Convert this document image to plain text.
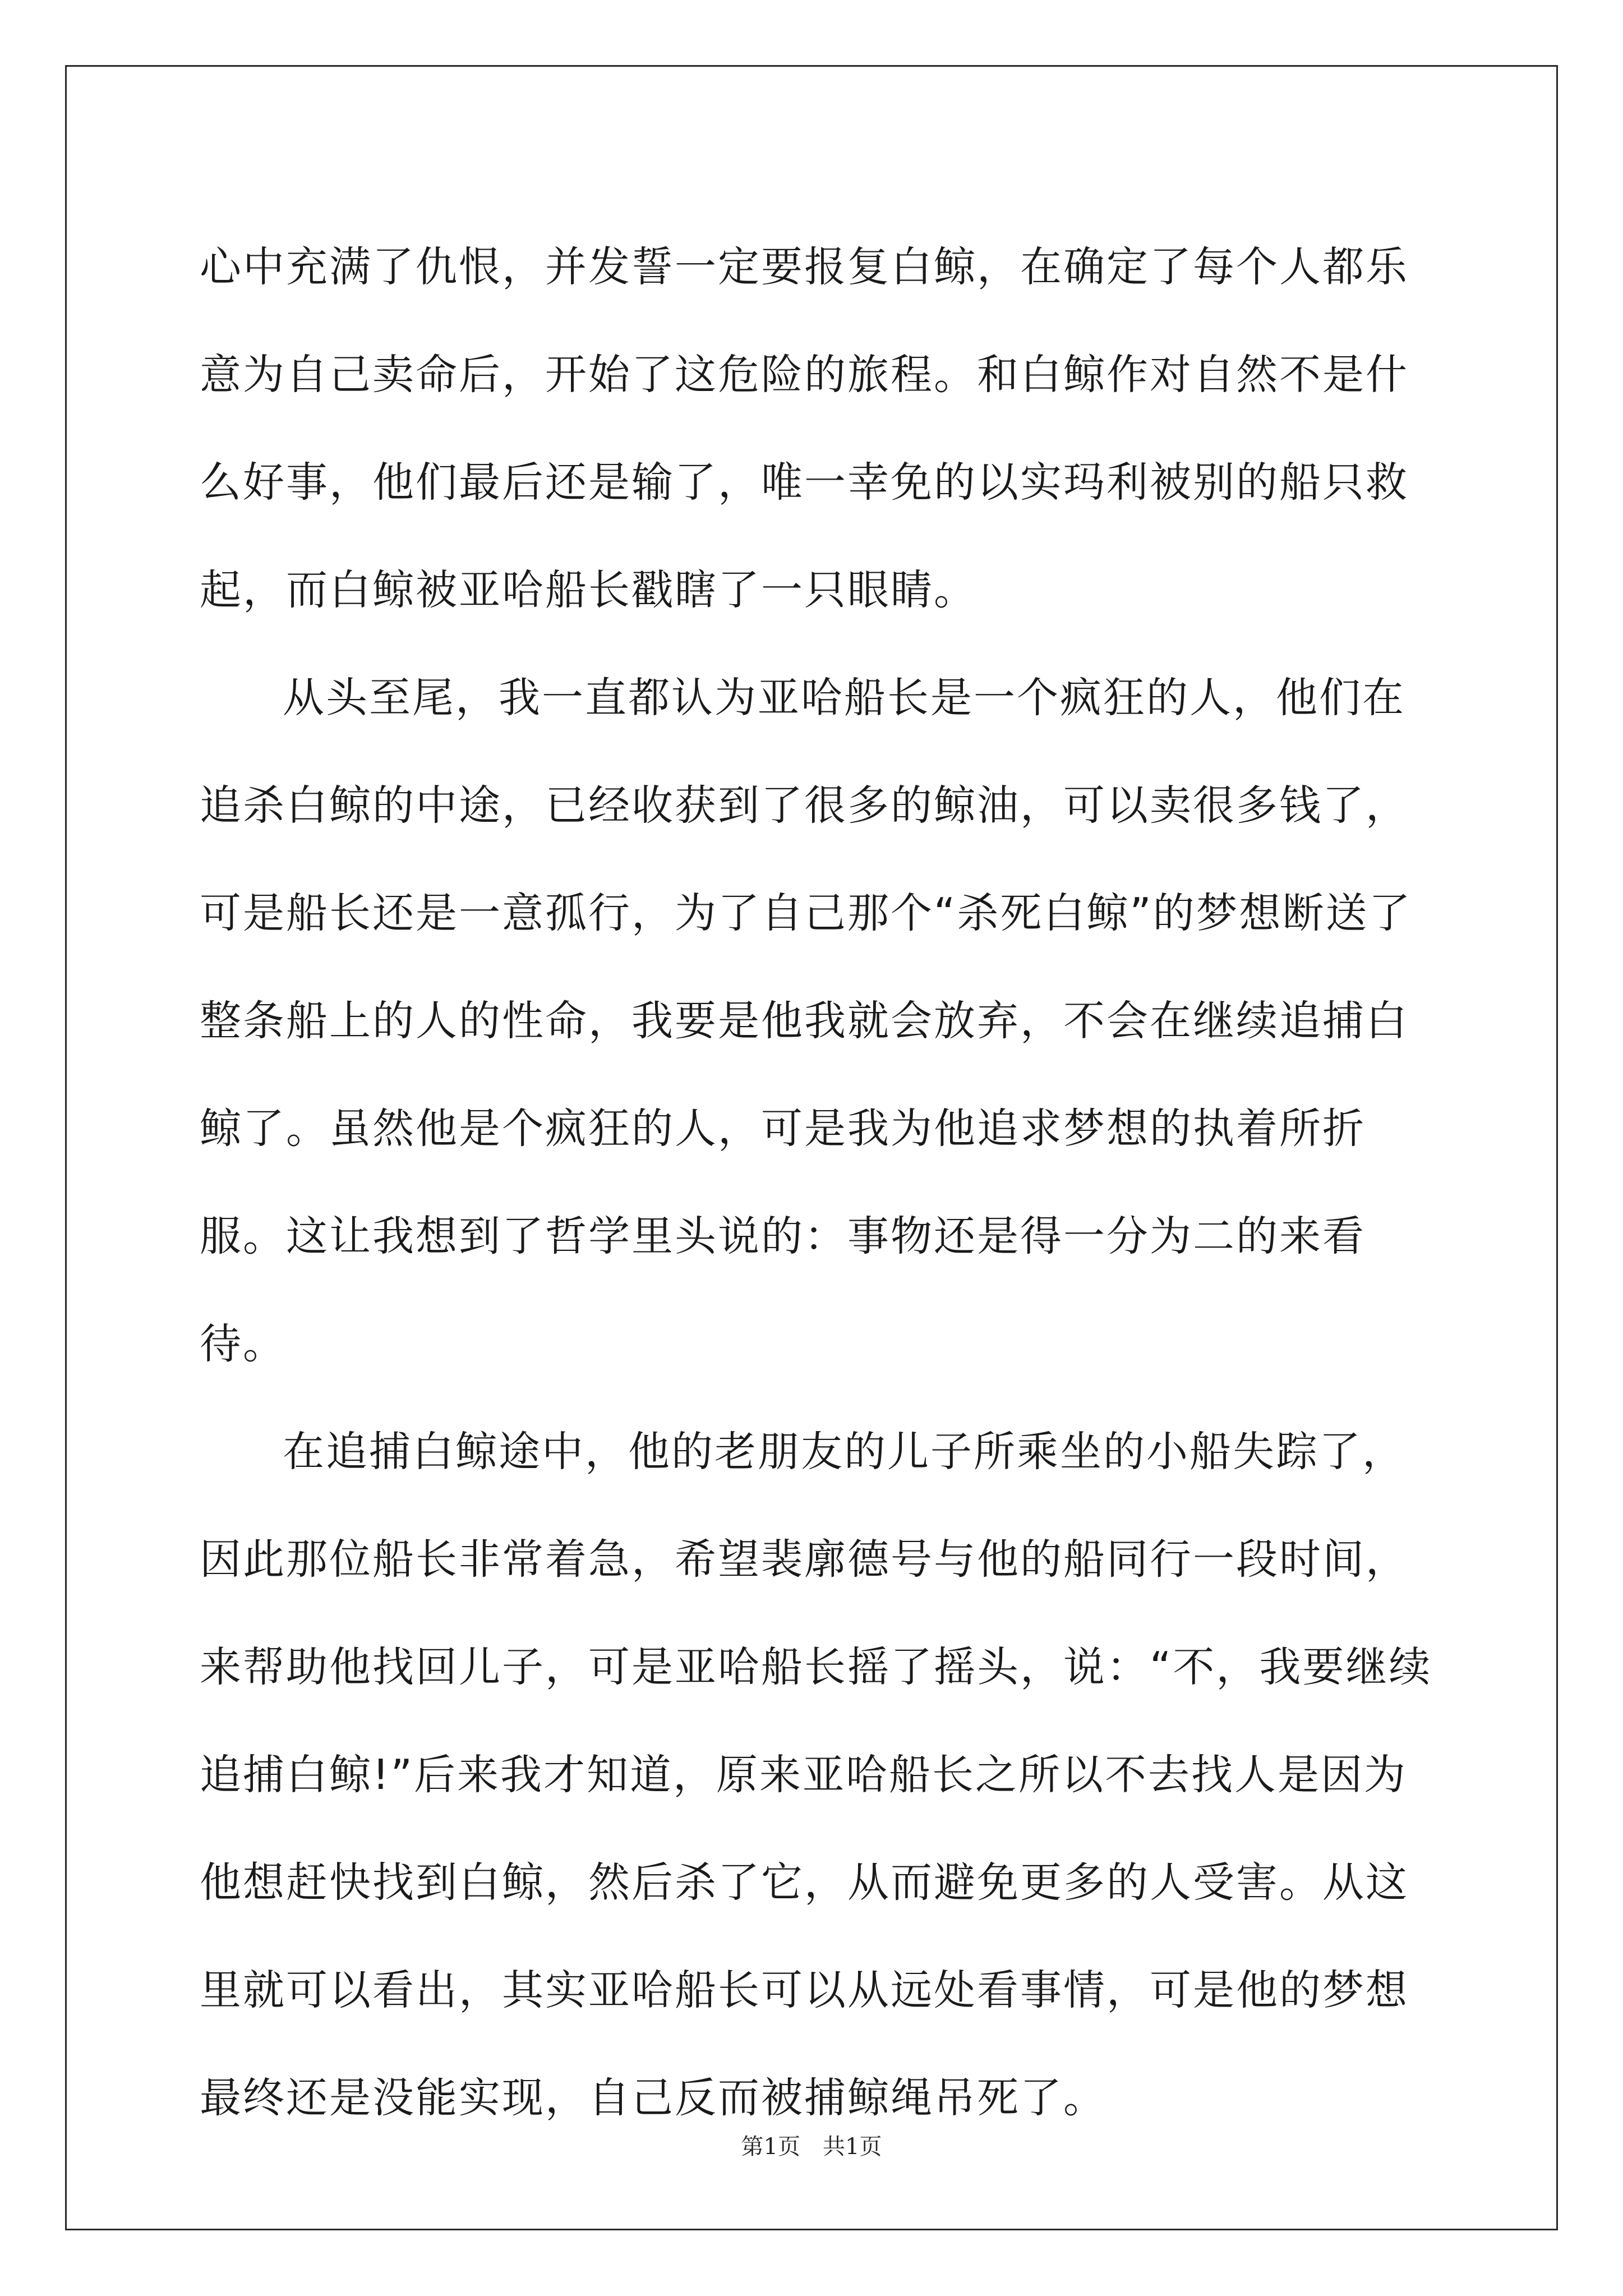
心中充满了仇恨，并发誓一定要报复白鲸，在确定了每个人都乐意为自己卖命后，开始了这危险的旅程。和白鲸作对自然不是什么好事，他们最后还是输了，唯一幸免的以实玛利被别的船只救起，而白鲸被亚哈船长戳瞎了一只眼睛。

从头至尾，我一直都认为亚哈船长是一个疯狂的人，他们在追杀白鲸的中途，已经收获到了很多的鲸油，可以卖很多钱了，可是船长还是一意孤行，为了自己那个“杀死白鲸”的梦想断送了整条船上的人的性命，我要是他我就会放弃，不会在继续追捕白鲸了。虽然他是个疯狂的人，可是我为他追求梦想的执着所折服。这让我想到了哲学里头说的：事物还是得一分为二的来看待。

在追捕白鲸途中，他的老朋友的儿子所乘坐的小船失踪了，因此那位船长非常着急，希望裴廓德号与他的船同行一段时间，来帮助他找回儿子，可是亚哈船长摇了摇头，说：“不，我要继续追捕白鲸!”后来我才知道，原来亚哈船长之所以不去找人是因为他想赶快找到白鲸，然后杀了它，从而避免更多的人受害。从这里就可以看出，其实亚哈船长可以从远处看事情，可是他的梦想最终还是没能实现，自己反而被捕鲸绳吊死了。

第1页　共1页
